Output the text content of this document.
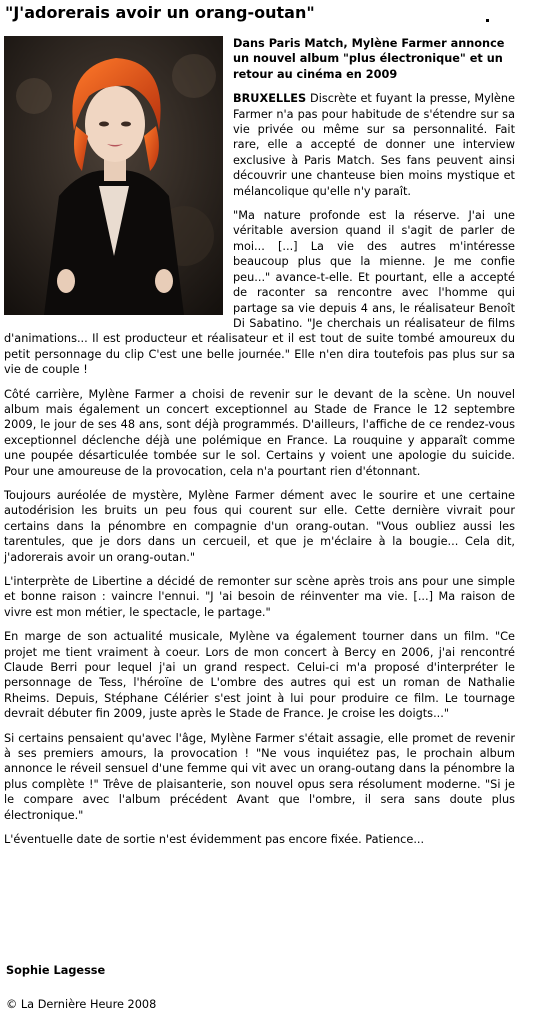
"J'adorerais avoir un orang-outan"

Dans Paris Match, Mylène Farmer annonce un nouvel album "plus électronique" et un retour au cinéma en 2009

BRUXELLES Discrète et fuyant la presse, Mylène Farmer n'a pas pour habitude de s'étendre sur sa vie privée ou même sur sa personnalité. Fait rare, elle a accepté de donner une interview exclusive à Paris Match. Ses fans peuvent ainsi découvrir une chanteuse bien moins mystique et mélancolique qu'elle n'y paraît.

"Ma nature profonde est la réserve. J'ai une véritable aversion quand il s'agit de parler de moi... [...] La vie des autres m'intéresse beaucoup plus que la mienne. Je me confie peu..." avance-t-elle. Et pourtant, elle a accepté de raconter sa rencontre avec l'homme qui partage sa vie depuis 4 ans, le réalisateur Benoît Di Sabatino. "Je cherchais un réalisateur de films d'animations... Il est producteur et réalisateur et il est tout de suite tombé amoureux du petit personnage du clip C'est une belle journée." Elle n'en dira toutefois pas plus sur sa vie de couple !

Côté carrière, Mylène Farmer a choisi de revenir sur le devant de la scène. Un nouvel album mais également un concert exceptionnel au Stade de France le 12 septembre 2009, le jour de ses 48 ans, sont déjà programmés. D'ailleurs, l'affiche de ce rendez-vous exceptionnel déclenche déjà une polémique en France. La rouquine y apparaît comme une poupée désarticulée tombée sur le sol. Certains y voient une apologie du suicide. Pour une amoureuse de la provocation, cela n'a pourtant rien d'étonnant.

Toujours auréolée de mystère, Mylène Farmer dément avec le sourire et une certaine autodérision les bruits un peu fous qui courent sur elle. Cette dernière vivrait pour certains dans la pénombre en compagnie d'un orang-outan. "Vous oubliez aussi les tarentules, que je dors dans un cercueil, et que je m'éclaire à la bougie... Cela dit, j'adorerais avoir un orang-outan."

L'interprète de Libertine a décidé de remonter sur scène après trois ans pour une simple et bonne raison : vaincre l'ennui. "J 'ai besoin de réinventer ma vie. [...] Ma raison de vivre est mon métier, le spectacle, le partage."

En marge de son actualité musicale, Mylène va également tourner dans un film. "Ce projet me tient vraiment à coeur. Lors de mon concert à Bercy en 2006, j'ai rencontré Claude Berri pour lequel j'ai un grand respect. Celui-ci m'a proposé d'interpréter le personnage de Tess, l'héroïne de L'ombre des autres qui est un roman de Nathalie Rheims. Depuis, Stéphane Célérier s'est joint à lui pour produire ce film. Le tournage devrait débuter fin 2009, juste après le Stade de France. Je croise les doigts..."

Si certains pensaient qu'avec l'âge, Mylène Farmer s'était assagie, elle promet de revenir à ses premiers amours, la provocation ! "Ne vous inquiétez pas, le prochain album annonce le réveil sensuel d'une femme qui vit avec un orang-outang dans la pénombre la plus complète !" Trêve de plaisanterie, son nouvel opus sera résolument moderne. "Si je le compare avec l'album précédent Avant que l'ombre, il sera sans doute plus électronique."

L'éventuelle date de sortie n'est évidemment pas encore fixée. Patience...

Sophie Lagesse
© La Dernière Heure 2008
